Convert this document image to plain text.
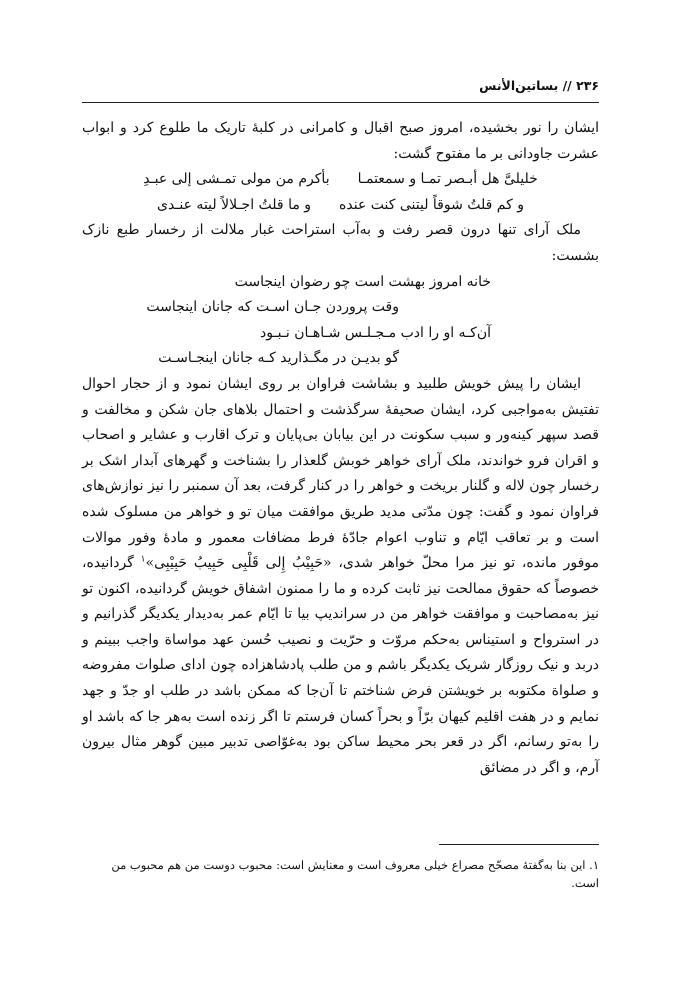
۲۳۶ // بساتین‌الأنس

ایشان را نور بخشیده، امروز صبح اقبال و کامرانی در کلبهٔ تاریک ما طلوع کرد و ابواب عشرت جاودانی بر ما مفتوح گشت:

خلیلیَّ هل أبـصر تمـا و سمعتمـا
بأكرم من مولی تمـشی إلی عبـدِ
و كم قلتُ شوقاً لیتنی كنت عنده
و ما قلتُ اجـلالاً لیته عنـدی

ملک آرای تنها درون قصر رفت و به‌آب استراحت غبار ملالت از رخسار طبع نازک بشست:

خانه امروز بهشت است چو رضوان اینجاست
وقت پروردن جـان اسـت که جانان اینجاست
آن‌کـه او را ادب مـجـلـس شـاهـان نـبـود
گو بدیـن در مگـذارید کـه جانان اینجـاسـت

ایشان را پیش خویش طلبید و بشاشت فراوان بر روی ایشان نمود و از حجار احوال تفتیش به‌مواجبی کرد، ایشان صحیفهٔ سرگذشت و احتمال بلاهای جان شکن و مخالفت و قصد سپهر کینه‌ور و سبب سکونت در این بیابان بی‌پایان و ترک اقارب و عشایر و اصحاب و اقران فرو خواندند، ملک آرای خواهر خوبش گلعذار را بشناخت و گهرهای آبدار اشک بر رخسار چون لاله و گلنار بریخت و خواهر را در کنار گرفت، بعد آن سمنبر را نیز نوازش‌های فراوان نمود و گفت: چون مدّتی مدید طریق موافقت میان تو و خواهر من مسلوک شده است و بر تعاقب ایّام و تناوب اعوام جادّهٔ فرط مضافات معمور و مادهٔ وفور موالات موفور مانده، تو نیز مرا محلّ خواهر شدی، «حَبِیْبُ إِلی قَلْبِی حَبِیبُ حَبِیْبِی»$^۱$ گردانیده، خصوصاً که حقوق ممالحت نیز ثابت کرده و ما را ممنون اشفاق خویش گردانیده، اکنون تو نیز به‌مصاحبت و موافقت خواهر من در سراندیپ بیا تا ایّام عمر به‌دیدار یکدیگر گذرانیم و در استرواح و استیناس به‌حکم مروّت و حرّیت و نصیب حُسن عهد مواساة واجب ببینم و دربد و نیک روزگار شریک یکدیگر باشم و من طلب پادشاهزاده چون ادای صلوات مفروضه و صلواة مکتوبه بر خویشتن فرض شناختم تا آن‌جا که ممکن باشد در طلب او جدّ و جهد نمایم و در هفت اقلیم کیهان برّاً و بحراً کسان فرستم تا اگر زنده است به‌هر جا که باشد او را به‌تو رسانم، اگر در قعر بحر محیط ساکن بود به‌غوّاصی تدبیر مبین گوهر مثال بیرون آرم، و اگر در مضائق

۱. این بنا به‌گفتهٔ مصحّح مصراع خیلی معروف است و معنایش است: محبوب دوست من هم محبوب من است.
